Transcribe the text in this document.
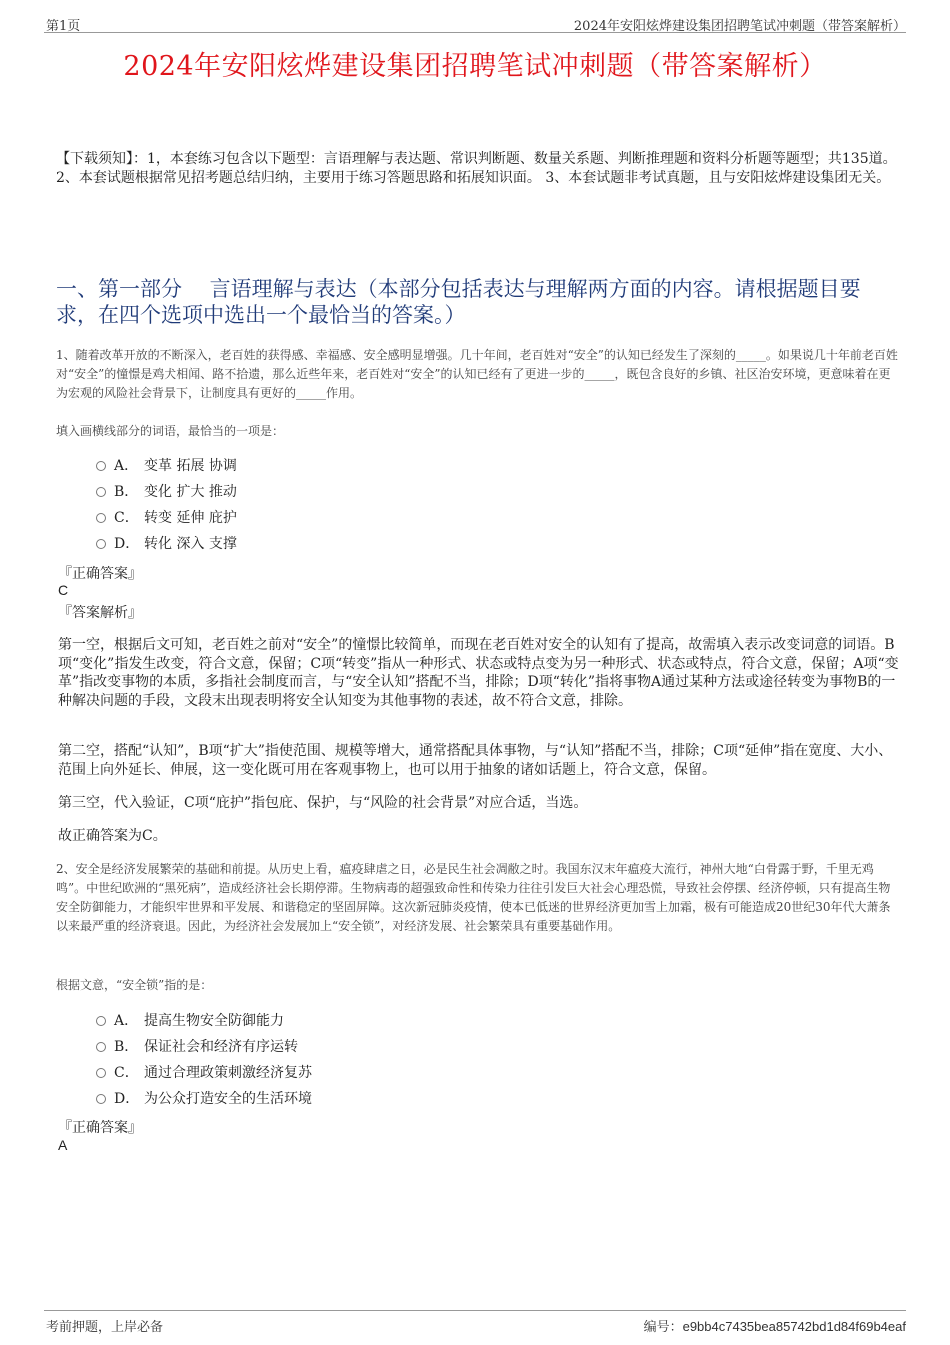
第1页	2024年安阳炫烨建设集团招聘笔试冲刺题（带答案解析）
2024年安阳炫烨建设集团招聘笔试冲刺题（带答案解析）
【下载须知】：1，本套练习包含以下题型：言语理解与表达题、常识判断题、数量关系题、判断推理题和资料分析题等题型；共135道。 2、本套试题根据常见招考题总结归纳，主要用于练习答题思路和拓展知识面。 3、本套试题非考试真题，且与安阳炫烨建设集团无关。
一、第一部分 　言语理解与表达（本部分包括表达与理解两方面的内容。请根据题目要求，在四个选项中选出一个最恰当的答案。）
1、随着改革开放的不断深入，老百姓的获得感、幸福感、安全感明显增强。几十年间，老百姓对“安全”的认知已经发生了深刻的_____。如果说几十年前老百姓对“安全”的憧憬是鸡犬相闻、路不拾遗，那么近些年来，老百姓对“安全”的认知已经有了更进一步的_____，既包含良好的乡镇、社区治安环境，更意味着在更为宏观的风险社会背景下，让制度具有更好的_____作用。
填入画横线部分的词语，最恰当的一项是：
A． 变革 拓展 协调
B． 变化 扩大 推动
C． 转变 延伸 庇护
D． 转化 深入 支撑
『正确答案』
C
『答案解析』
第一空，根据后文可知，老百姓之前对“安全”的憧憬比较简单，而现在老百姓对安全的认知有了提高，故需填入表示改变词意的词语。B项“变化”指发生改变，符合文意，保留；C项“转变”指从一种形式、状态或特点变为另一种形式、状态或特点，符合文意，保留；A项“变革”指改变事物的本质，多指社会制度而言，与“安全认知”搭配不当，排除；D项“转化”指将事物A通过某种方法或途径转变为事物B的一种解决问题的手段，文段末出现表明将安全认知变为其他事物的表述，故不符合文意，排除。
第二空，搭配“认知”，B项“扩大”指使范围、规模等增大，通常搭配具体事物，与“认知”搭配不当，排除；C项“延伸”指在宽度、大小、范围上向外延长、伸展，这一变化既可用在客观事物上，也可以用于抽象的诸如话题上，符合文意，保留。
第三空，代入验证，C项“庇护”指包庇、保护，与“风险的社会背景”对应合适，当选。
故正确答案为C。
2、安全是经济发展繁荣的基础和前提。从历史上看，瘟疫肆虐之日，必是民生社会凋敝之时。我国东汉末年瘟疫大流行，神州大地“白骨露于野，千里无鸡鸣”。中世纪欧洲的“黑死病”，造成经济社会长期停滞。生物病毒的超强致命性和传染力往往引发巨大社会心理恐慌，导致社会停摆、经济停顿，只有提高生物安全防御能力，才能织牢世界和平发展、和谐稳定的坚固屏障。这次新冠肺炎疫情，使本已低迷的世界经济更加雪上加霜，极有可能造成20世纪30年代大萧条以来最严重的经济衰退。因此，为经济社会发展加上“安全锁”，对经济发展、社会繁荣具有重要基础作用。
根据文意，“安全锁”指的是：
A． 提高生物安全防御能力
B． 保证社会和经济有序运转
C． 通过合理政策刺激经济复苏
D． 为公众打造安全的生活环境
『正确答案』
A
考前押题，上岸必备	编号：e9bb4c7435bea85742bd1d84f69b4eaf
